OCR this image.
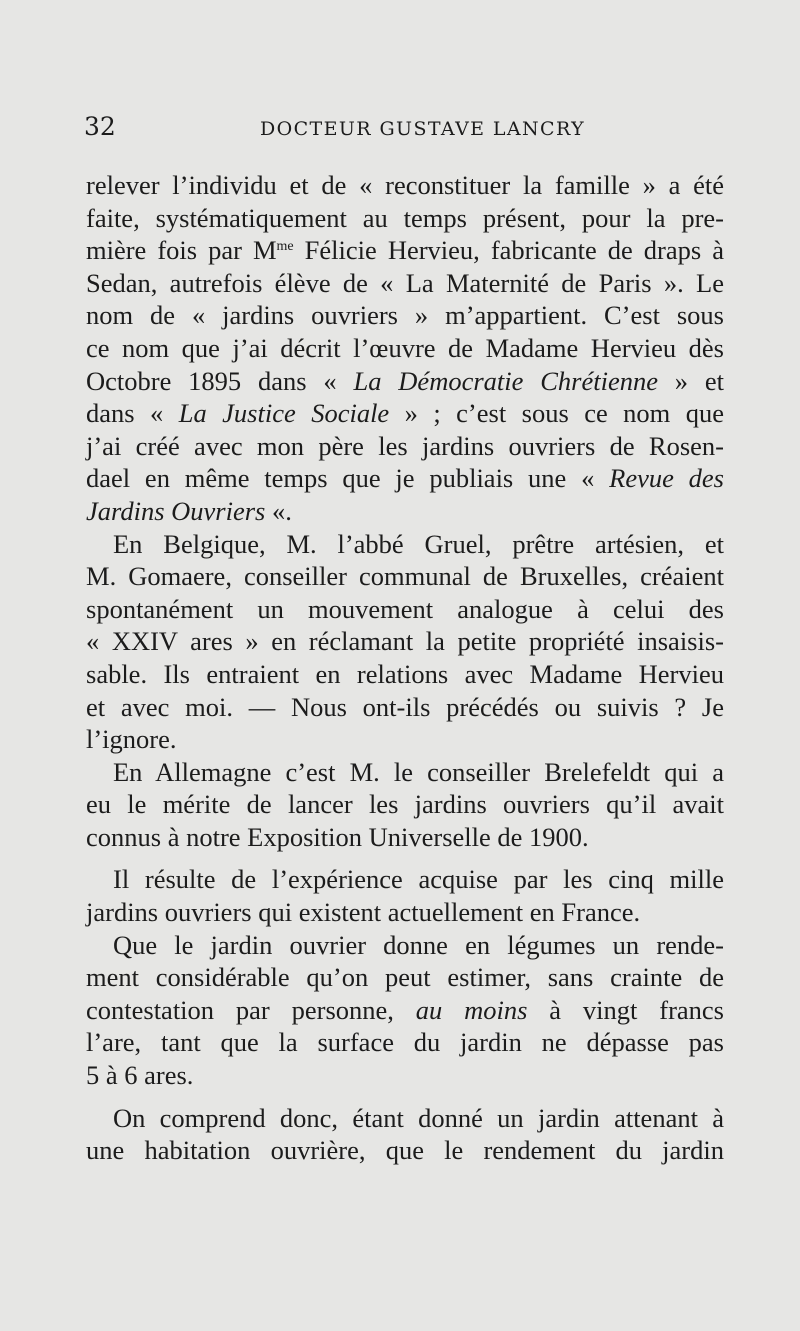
32	DOCTEUR GUSTAVE LANCRY
relever l’individu et de « reconstituer la famille » a été
faite, systématiquement au temps présent, pour la pre-
mière fois par $M^{me}$ Félicie Hervieu, fabricante de draps à
Sedan, autrefois élève de « La Maternité de Paris ». Le
nom de « jardins ouvriers » m’appartient. C’est sous
ce nom que j’ai décrit l’œuvre de Madame Hervieu dès
Octobre 1895 dans « La Démocratie Chrétienne » et
dans « La Justice Sociale » ; c’est sous ce nom que
j’ai créé avec mon père les jardins ouvriers de Rosen-
dael en même temps que je publiais une « Revue des
Jardins Ouvriers «.
En Belgique, M. l’abbé Gruel, prêtre artésien, et
M. Gomaere, conseiller communal de Bruxelles, créaient
spontanément un mouvement analogue à celui des
« XXIV ares » en réclamant la petite propriété insaisis-
sable. Ils entraient en relations avec Madame Hervieu
et avec moi. — Nous ont-ils précédés ou suivis ? Je
l’ignore.
En Allemagne c’est M. le conseiller Brelefeldt qui a
eu le mérite de lancer les jardins ouvriers qu’il avait
connus à notre Exposition Universelle de 1900.
Il résulte de l’expérience acquise par les cinq mille
jardins ouvriers qui existent actuellement en France.
Que le jardin ouvrier donne en légumes un rende-
ment considérable qu’on peut estimer, sans crainte de
contestation par personne, au moins à vingt francs
l’are, tant que la surface du jardin ne dépasse pas
5 à 6 ares.
On comprend donc, étant donné un jardin attenant à
une habitation ouvrière, que le rendement du jardin
